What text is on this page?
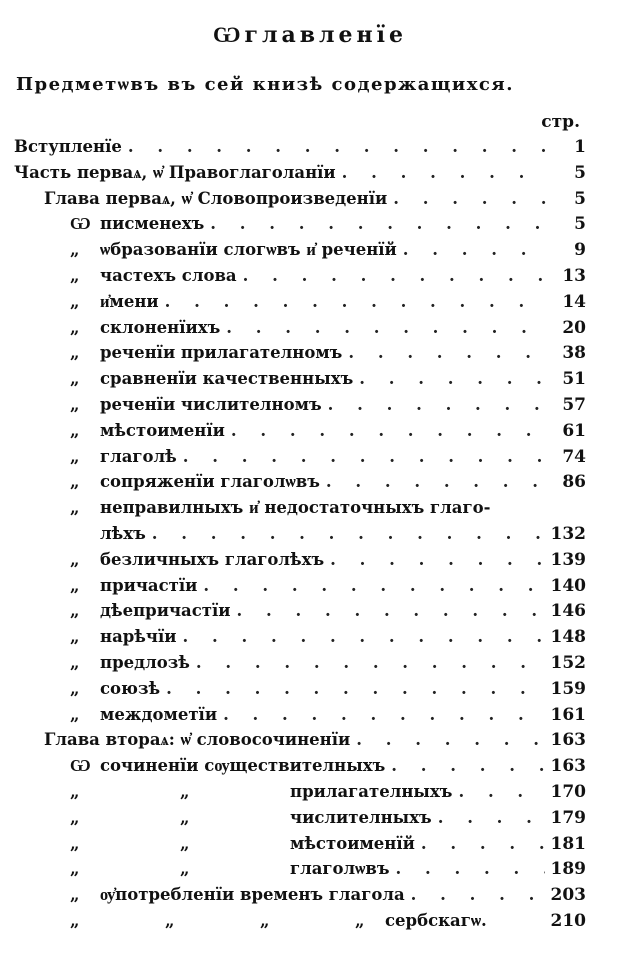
Ѡглавленїе
Предметѡвъ въ сей книзѣ содержащихся.
стр.
Вступленїе . . .	1
Часть перваѧ, ѡ҆ Правоглаголанїи . . .	5
Глава перваѧ, ѡ҆ Словопроизведенїи . . .	5
Ѡ писменехъ . . .	5
„ ѡбразованїи слогѡвъ и҆ реченїй . . .	9
„ частехъ слова . . .	13
„ и҆мени . . .	14
„ склоненїихъ . . .	20
„ реченїи прилагателномъ . . .	38
„ сравненїи качественныхъ . . .	51
„ реченїи числителномъ . . .	57
„ мѣстоименїи . . .	61
„ глаголѣ . . .	74
„ сопряженїи глаголѡвъ . . .	86
„ неправилныхъ и҆ недостаточныхъ глаго-
лѣхъ . . .	132
„ безличныхъ глаголѣхъ . . .	139
„ причастїи . . .	140
„ дѣепричастїи . . .	146
„ нарѣчїи . . .	148
„ предлозѣ . . .	152
„ союзѣ . . .	159
„ междометїи . . .	161
Глава втораѧ: ѡ҆ словосочиненїи . . .	163
Ѡ сочиненїи сѹществителныхъ . . .	163
„	„	прилагателныхъ . . .	170
„	„	числителныхъ . . .	179
„	„	мѣстоименїй . . .	181
„	„	глаголѡвъ . . .	189
„ ѹ҆потребленїи временъ глагола . . .	203
„	„	„	„ сербскагѡ.	210
